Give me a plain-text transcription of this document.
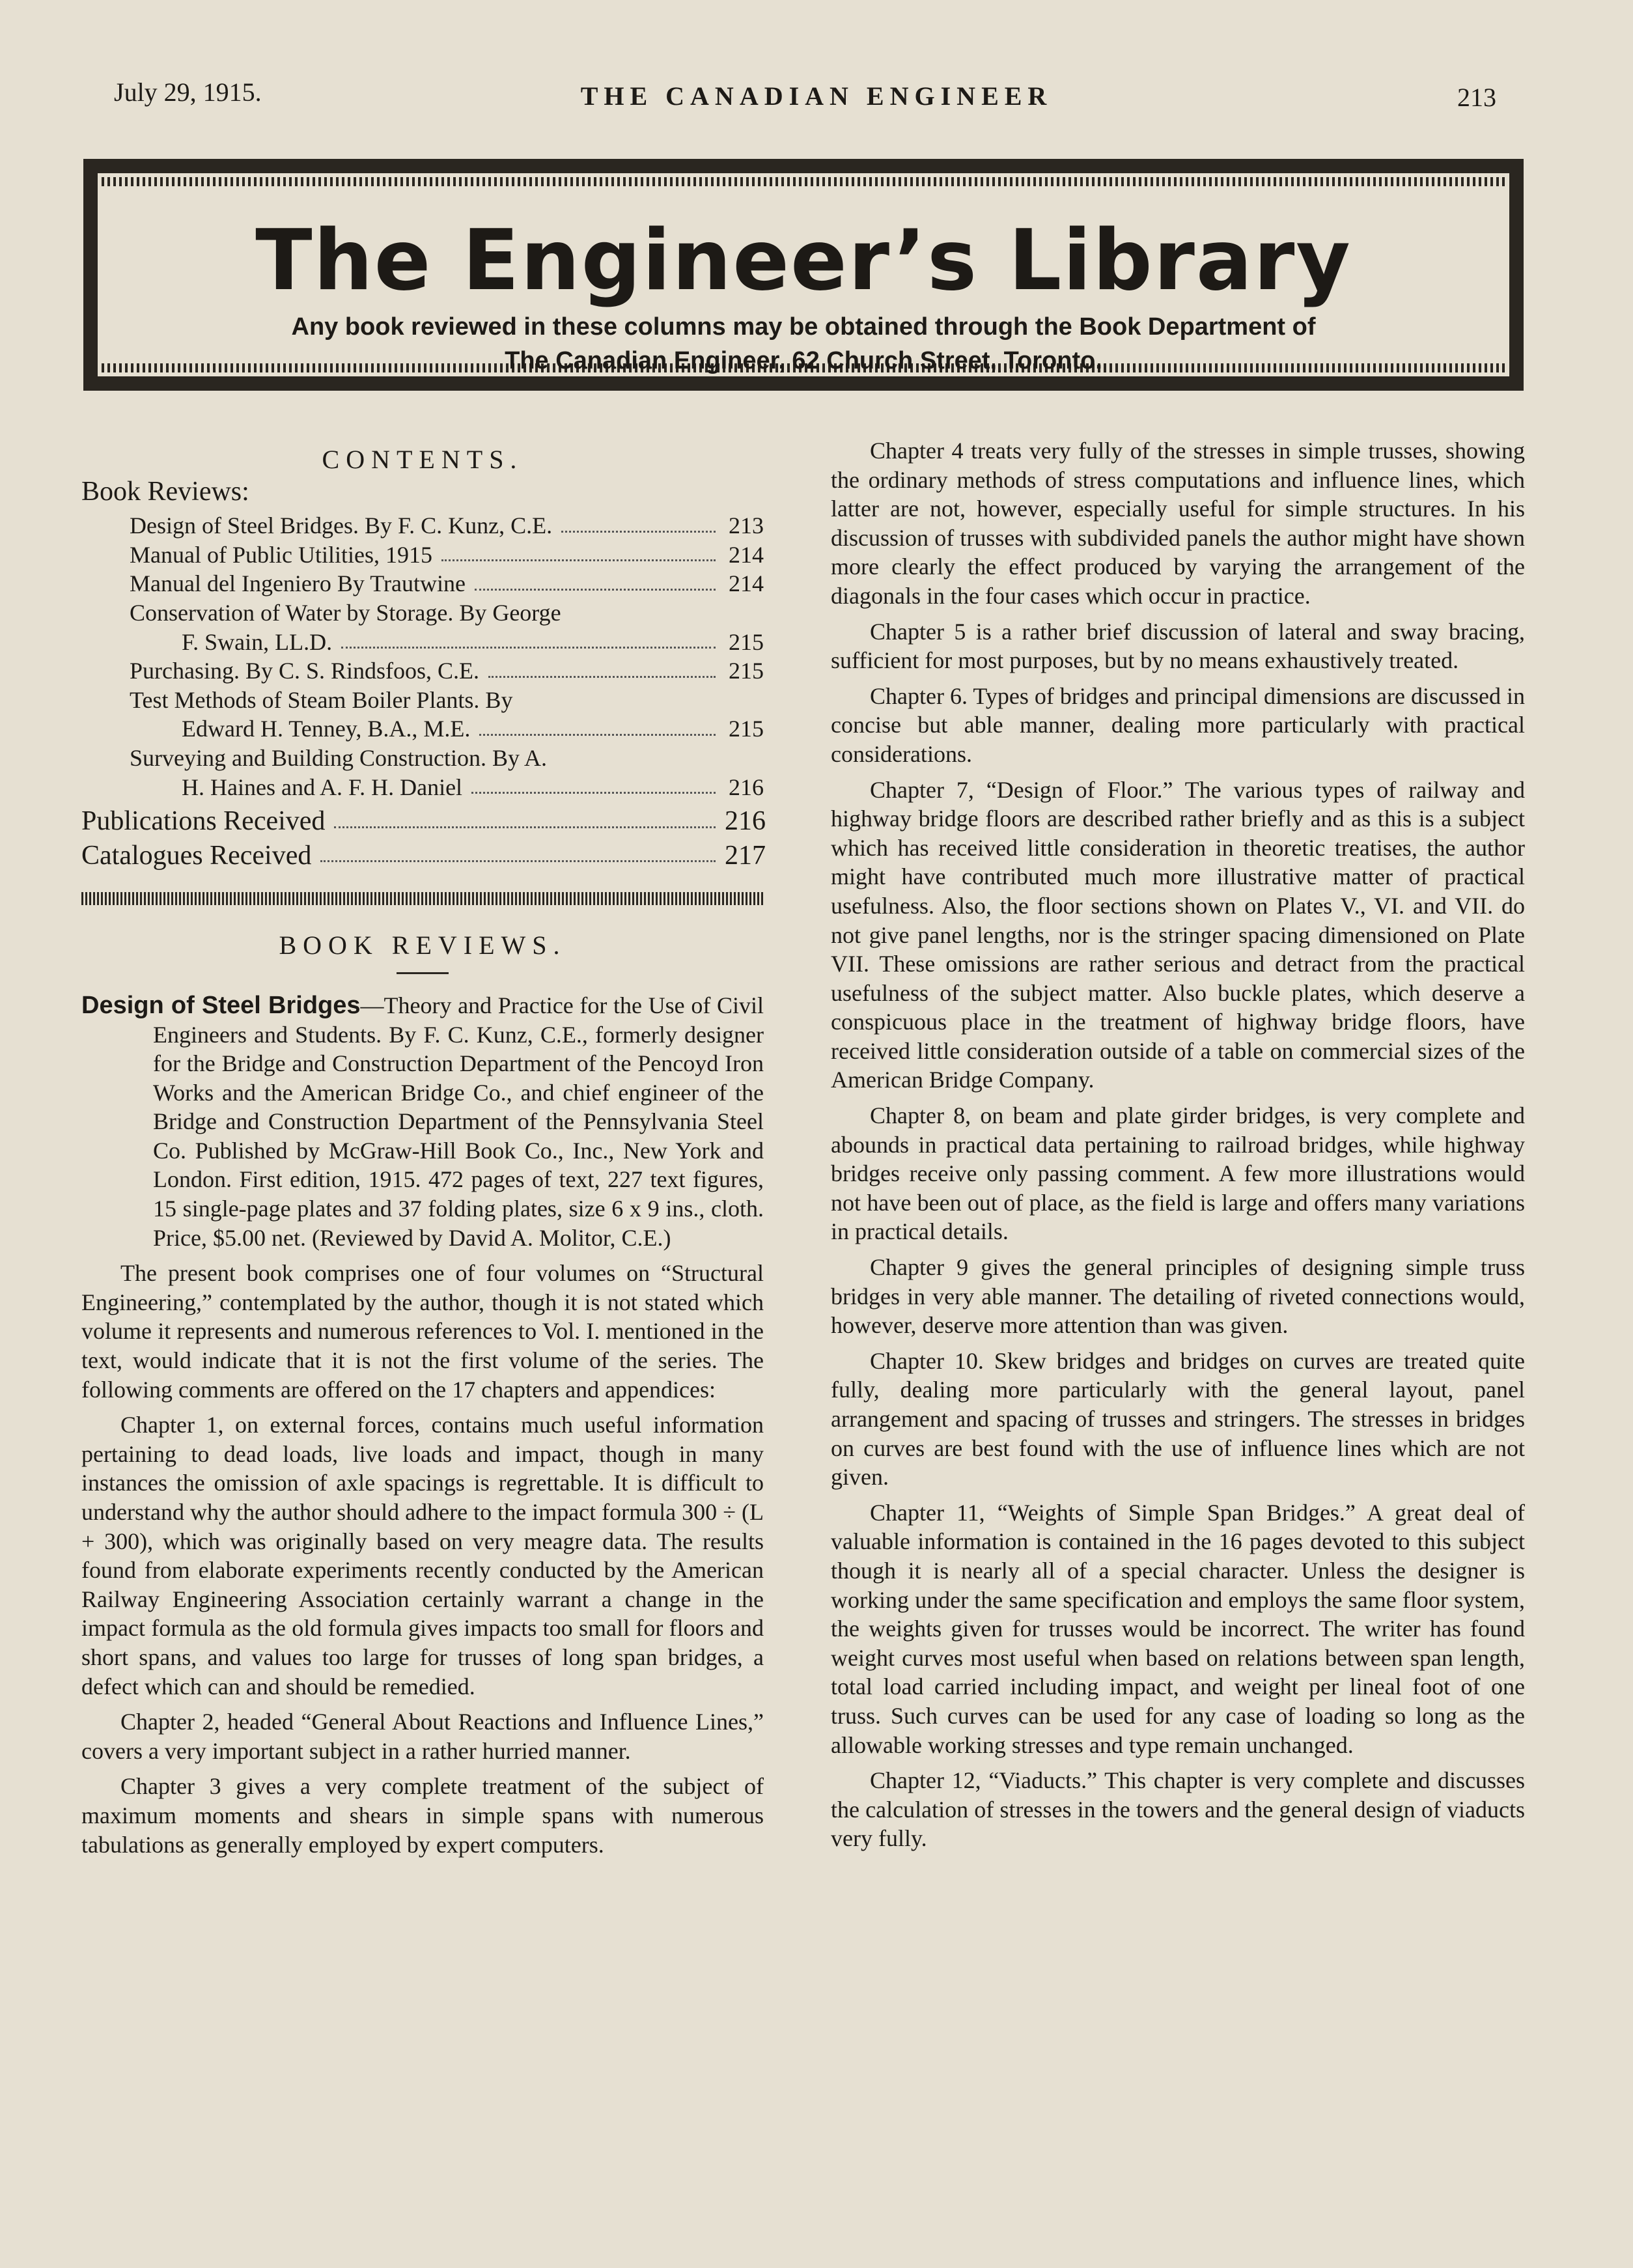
July 29, 1915.	THE CANADIAN ENGINEER	213
The Engineer’s Library
Any book reviewed in these columns may be obtained through the Book Department of
The Canadian Engineer, 62 Church Street, Toronto.
CONTENTS.
Book Reviews:
Design of Steel Bridges. By F. C. Kunz, C.E.	213
Manual of Public Utilities, 1915	214
Manual del Ingeniero By Trautwine	214
Conservation of Water by Storage. By George
F. Swain, LL.D.	215
Purchasing. By C. S. Rindsfoos, C.E.	215
Test Methods of Steam Boiler Plants. By
Edward H. Tenney, B.A., M.E.	215
Surveying and Building Construction. By A.
H. Haines and A. F. H. Daniel	216
Publications Received	216
Catalogues Received	217
BOOK REVIEWS.

Design of Steel Bridges—Theory and Practice for the Use of Civil Engineers and Students. By F. C. Kunz, C.E., formerly designer for the Bridge and Construction Department of the Pencoyd Iron Works and the American Bridge Co., and chief engineer of the Bridge and Construction Department of the Pennsylvania Steel Co. Published by McGraw-Hill Book Co., Inc., New York and London. First edition, 1915. 472 pages of text, 227 text figures, 15 single-page plates and 37 folding plates, size 6 x 9 ins., cloth. Price, $5.00 net. (Reviewed by David A. Molitor, C.E.)

The present book comprises one of four volumes on “Structural Engineering,” contemplated by the author, though it is not stated which volume it represents and numerous references to Vol. I. mentioned in the text, would indicate that it is not the first volume of the series. The following comments are offered on the 17 chapters and appendices:

Chapter 1, on external forces, contains much useful information pertaining to dead loads, live loads and impact, though in many instances the omission of axle spacings is regrettable. It is difficult to understand why the author should adhere to the impact formula 300 ÷ (L + 300), which was originally based on very meagre data. The results found from elaborate experiments recently conducted by the American Railway Engineering Association certainly warrant a change in the impact formula as the old formula gives impacts too small for floors and short spans, and values too large for trusses of long span bridges, a defect which can and should be remedied.

Chapter 2, headed “General About Reactions and Influence Lines,” covers a very important subject in a rather hurried manner.

Chapter 3 gives a very complete treatment of the subject of maximum moments and shears in simple spans with numerous tabulations as generally employed by expert computers.

Chapter 4 treats very fully of the stresses in simple trusses, showing the ordinary methods of stress computations and influence lines, which latter are not, however, especially useful for simple structures. In his discussion of trusses with subdivided panels the author might have shown more clearly the effect produced by varying the arrangement of the diagonals in the four cases which occur in practice.

Chapter 5 is a rather brief discussion of lateral and sway bracing, sufficient for most purposes, but by no means exhaustively treated.

Chapter 6. Types of bridges and principal dimensions are discussed in concise but able manner, dealing more particularly with practical considerations.

Chapter 7, “Design of Floor.” The various types of railway and highway bridge floors are described rather briefly and as this is a subject which has received little consideration in theoretic treatises, the author might have contributed much more illustrative matter of practical usefulness. Also, the floor sections shown on Plates V., VI. and VII. do not give panel lengths, nor is the stringer spacing dimensioned on Plate VII. These omissions are rather serious and detract from the practical usefulness of the subject matter. Also buckle plates, which deserve a conspicuous place in the treatment of highway bridge floors, have received little consideration outside of a table on commercial sizes of the American Bridge Company.

Chapter 8, on beam and plate girder bridges, is very complete and abounds in practical data pertaining to railroad bridges, while highway bridges receive only passing comment. A few more illustrations would not have been out of place, as the field is large and offers many variations in practical details.

Chapter 9 gives the general principles of designing simple truss bridges in very able manner. The detailing of riveted connections would, however, deserve more attention than was given.

Chapter 10. Skew bridges and bridges on curves are treated quite fully, dealing more particularly with the general layout, panel arrangement and spacing of trusses and stringers. The stresses in bridges on curves are best found with the use of influence lines which are not given.

Chapter 11, “Weights of Simple Span Bridges.” A great deal of valuable information is contained in the 16 pages devoted to this subject though it is nearly all of a special character. Unless the designer is working under the same specification and employs the same floor system, the weights given for trusses would be incorrect. The writer has found weight curves most useful when based on relations between span length, total load carried including impact, and weight per lineal foot of one truss. Such curves can be used for any case of loading so long as the allowable working stresses and type remain unchanged.

Chapter 12, “Viaducts.” This chapter is very complete and discusses the calculation of stresses in the towers and the general design of viaducts very fully.
